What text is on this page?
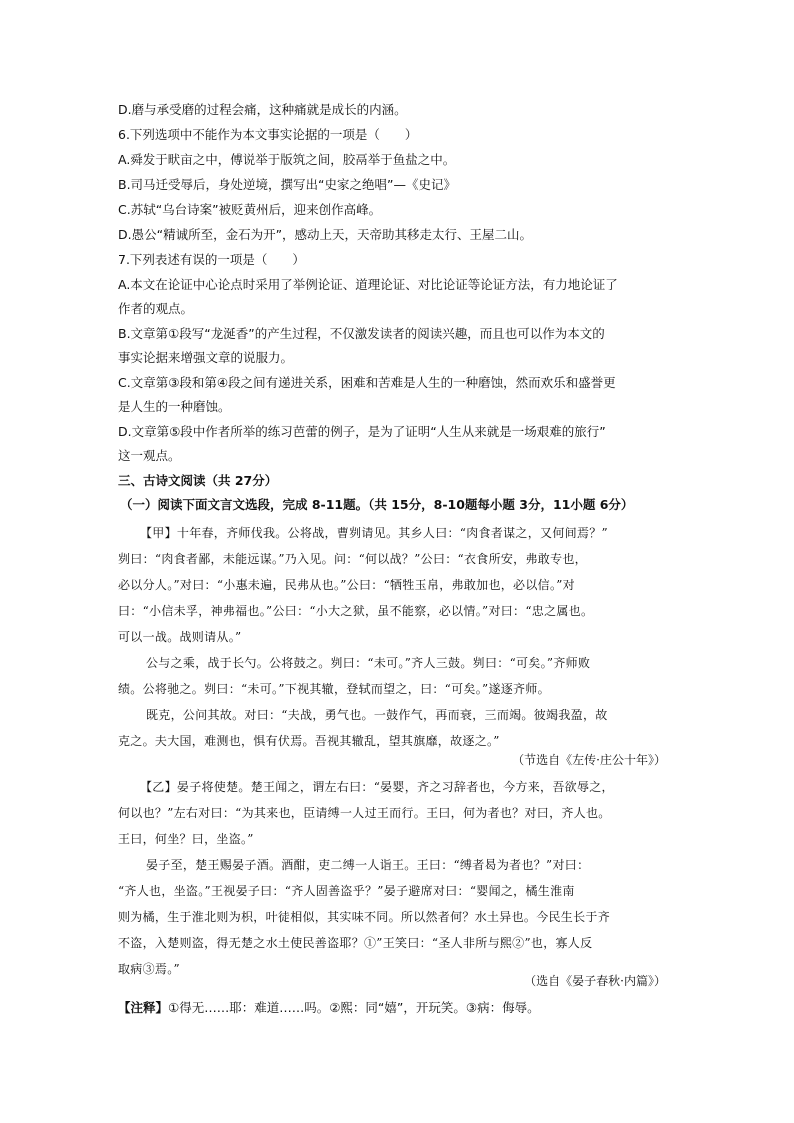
D.磨与承受磨的过程会痛，这种痛就是成长的内涵。
6.下列选项中不能作为本文事实论据的一项是（　　）
A.舜发于畎亩之中，傅说举于版筑之间，胶鬲举于鱼盐之中。
B.司马迁受辱后，身处逆境，撰写出“史家之绝唱”—《史记》
C.苏轼“乌台诗案”被贬黄州后，迎来创作高峰。
D.愚公“精诚所至，金石为开”，感动上天，天帝助其移走太行、王屋二山。
7.下列表述有误的一项是（　　）
A.本文在论证中心论点时采用了举例论证、道理论证、对比论证等论证方法，有力地论证了
作者的观点。
B.文章第①段写“龙涎香”的产生过程，不仅激发读者的阅读兴趣，而且也可以作为本文的
事实论据来增强文章的说服力。
C.文章第③段和第④段之间有递进关系，困难和苦难是人生的一种磨蚀，然而欢乐和盛誉更
是人生的一种磨蚀。
D.文章第⑤段中作者所举的练习芭蕾的例子，是为了证明“人生从来就是一场艰难的旅行”
这一观点。
三、古诗文阅读（共 27分）
（一）阅读下面文言文选段，完成 8-11题。（共 15分，8-10题每小题 3分，11小题 6分）
【甲】十年春，齐师伐我。公将战，曹刿请见。其乡人曰：“肉食者谋之，又何间焉？”
刿曰：“肉食者鄙，未能远谋。”乃入见。问：“何以战？”公曰：“衣食所安，弗敢专也，
必以分人。”对曰：“小惠未遍，民弗从也。”公曰：“牺牲玉帛，弗敢加也，必以信。”对
曰：“小信未孚，神弗福也。”公曰：“小大之狱，虽不能察，必以情。”对曰：“忠之属也。
可以一战。战则请从。”
公与之乘，战于长勺。公将鼓之。刿曰：“未可。”齐人三鼓。刿曰：“可矣。”齐师败
绩。公将驰之。刿曰：“未可。”下视其辙，登轼而望之，曰：“可矣。”遂逐齐师。
既克，公问其故。对曰：“夫战，勇气也。一鼓作气，再而衰，三而竭。彼竭我盈，故
克之。夫大国，难测也，惧有伏焉。吾视其辙乱，望其旗靡，故逐之。”
（节选自《左传·庄公十年》）
【乙】晏子将使楚。楚王闻之，谓左右曰：“晏婴，齐之习辞者也，今方来，吾欲辱之，
何以也？”左右对曰：“为其来也，臣请缚一人过王而行。王曰，何为者也？对曰，齐人也。
王曰，何坐？曰，坐盗。”
晏子至，楚王赐晏子酒。酒酣，吏二缚一人诣王。王曰：“缚者曷为者也？”对曰：
“齐人也，坐盗。”王视晏子曰：“齐人固善盗乎？”晏子避席对曰：“婴闻之，橘生淮南
则为橘，生于淮北则为枳，叶徒相似，其实味不同。所以然者何？水土异也。今民生长于齐
不盗，入楚则盗，得无楚之水土使民善盗耶？①”王笑曰：“圣人非所与熙②”也，寡人反
取病③焉。”
（选自《晏子春秋·内篇》）
【注释】①得无……耶：难道……吗。②熙：同“嬉”，开玩笑。③病：侮辱。
